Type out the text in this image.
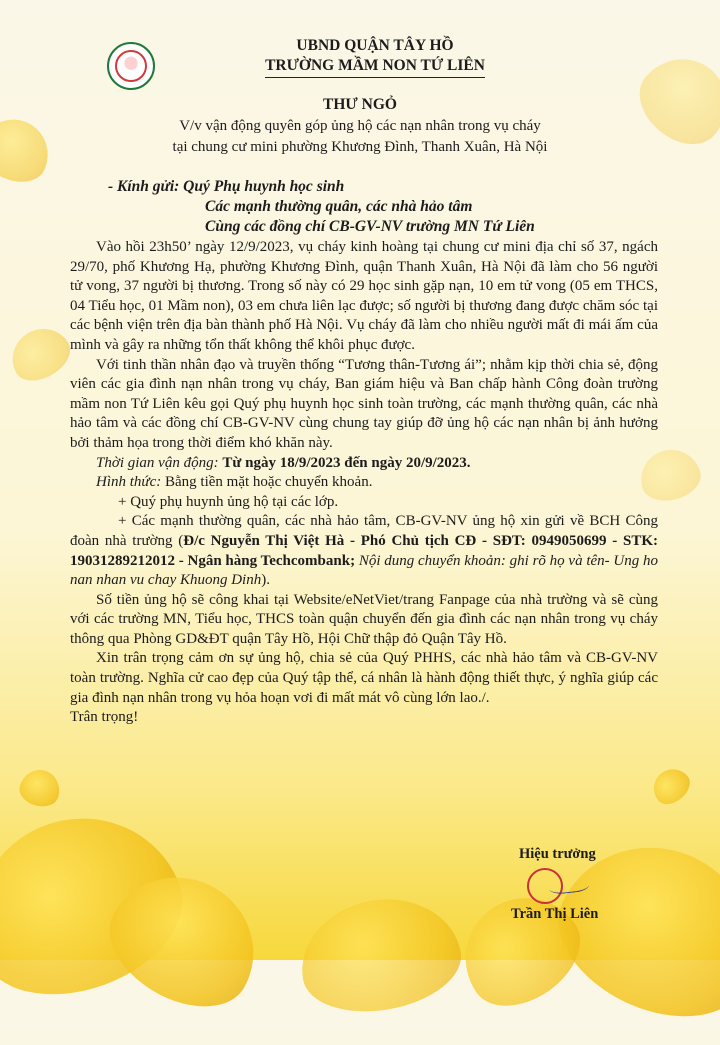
UBND QUẬN TÂY HỒ
TRƯỜNG MẦM NON TỨ LIÊN
THƯ NGỎ
V/v vận động quyên góp ủng hộ các nạn nhân trong vụ cháy
tại chung cư mini phường Khương Đình, Thanh Xuân, Hà Nội
- Kính gửi: Quý Phụ huynh học sinh
Các mạnh thường quân, các nhà hảo tâm
Cùng các đồng chí CB-GV-NV trường MN Tứ Liên

Vào hồi 23h50’ ngày 12/9/2023, vụ cháy kinh hoàng tại chung cư mini địa chỉ số 37, ngách 29/70, phố Khương Hạ, phường Khương Đình, quận Thanh Xuân, Hà Nội đã làm cho 56 người tử vong, 37 người bị thương. Trong số này có 29 học sinh gặp nạn, 10 em tử vong (05 em THCS, 04 Tiểu học, 01 Mầm non), 03 em chưa liên lạc được; số người bị thương đang được chăm sóc tại các bệnh viện trên địa bàn thành phố Hà Nội. Vụ cháy đã làm cho nhiều người mất đi mái ấm của mình và gây ra những tổn thất không thể khôi phục được.

Với tinh thần nhân đạo và truyền thống “Tương thân-Tương ái”; nhằm kịp thời chia sẻ, động viên các gia đình nạn nhân trong vụ cháy, Ban giám hiệu và Ban chấp hành Công đoàn trường mầm non Tứ Liên kêu gọi Quý phụ huynh học sinh toàn trường, các mạnh thường quân, các nhà hảo tâm và các đồng chí CB-GV-NV cùng chung tay giúp đỡ ủng hộ các nạn nhân bị ảnh hưởng bởi thảm họa trong thời điểm khó khăn này.

Thời gian vận động: Từ ngày 18/9/2023 đến ngày 20/9/2023.

Hình thức: Bằng tiền mặt hoặc chuyển khoản.

+ Quý phụ huynh ủng hộ tại các lớp.

+ Các mạnh thường quân, các nhà hảo tâm, CB-GV-NV ủng hộ xin gửi về BCH Công đoàn nhà trường (Đ/c Nguyễn Thị Việt Hà - Phó Chủ tịch CĐ - SĐT: 0949050699 - STK: 19031289212012 - Ngân hàng Techcombank; Nội dung chuyển khoản: ghi rõ họ và tên- Ung ho nan nhan vu chay Khuong Dinh).

Số tiền ủng hộ sẽ công khai tại Website/eNetViet/trang Fanpage của nhà trường và sẽ cùng với các trường MN, Tiểu học, THCS toàn quận chuyển đến gia đình các nạn nhân trong vụ cháy thông qua Phòng GD&ĐT quận Tây Hồ, Hội Chữ thập đỏ Quận Tây Hồ.

Xin trân trọng cảm ơn sự ủng hộ, chia sẻ của Quý PHHS, các nhà hảo tâm và CB-GV-NV toàn trường. Nghĩa cử cao đẹp của Quý tập thể, cá nhân là hành động thiết thực, ý nghĩa giúp các gia đình nạn nhân trong vụ hỏa hoạn vơi đi mất mát vô cùng lớn lao./.

Trân trọng!

Hiệu trưởng
Trần Thị Liên
